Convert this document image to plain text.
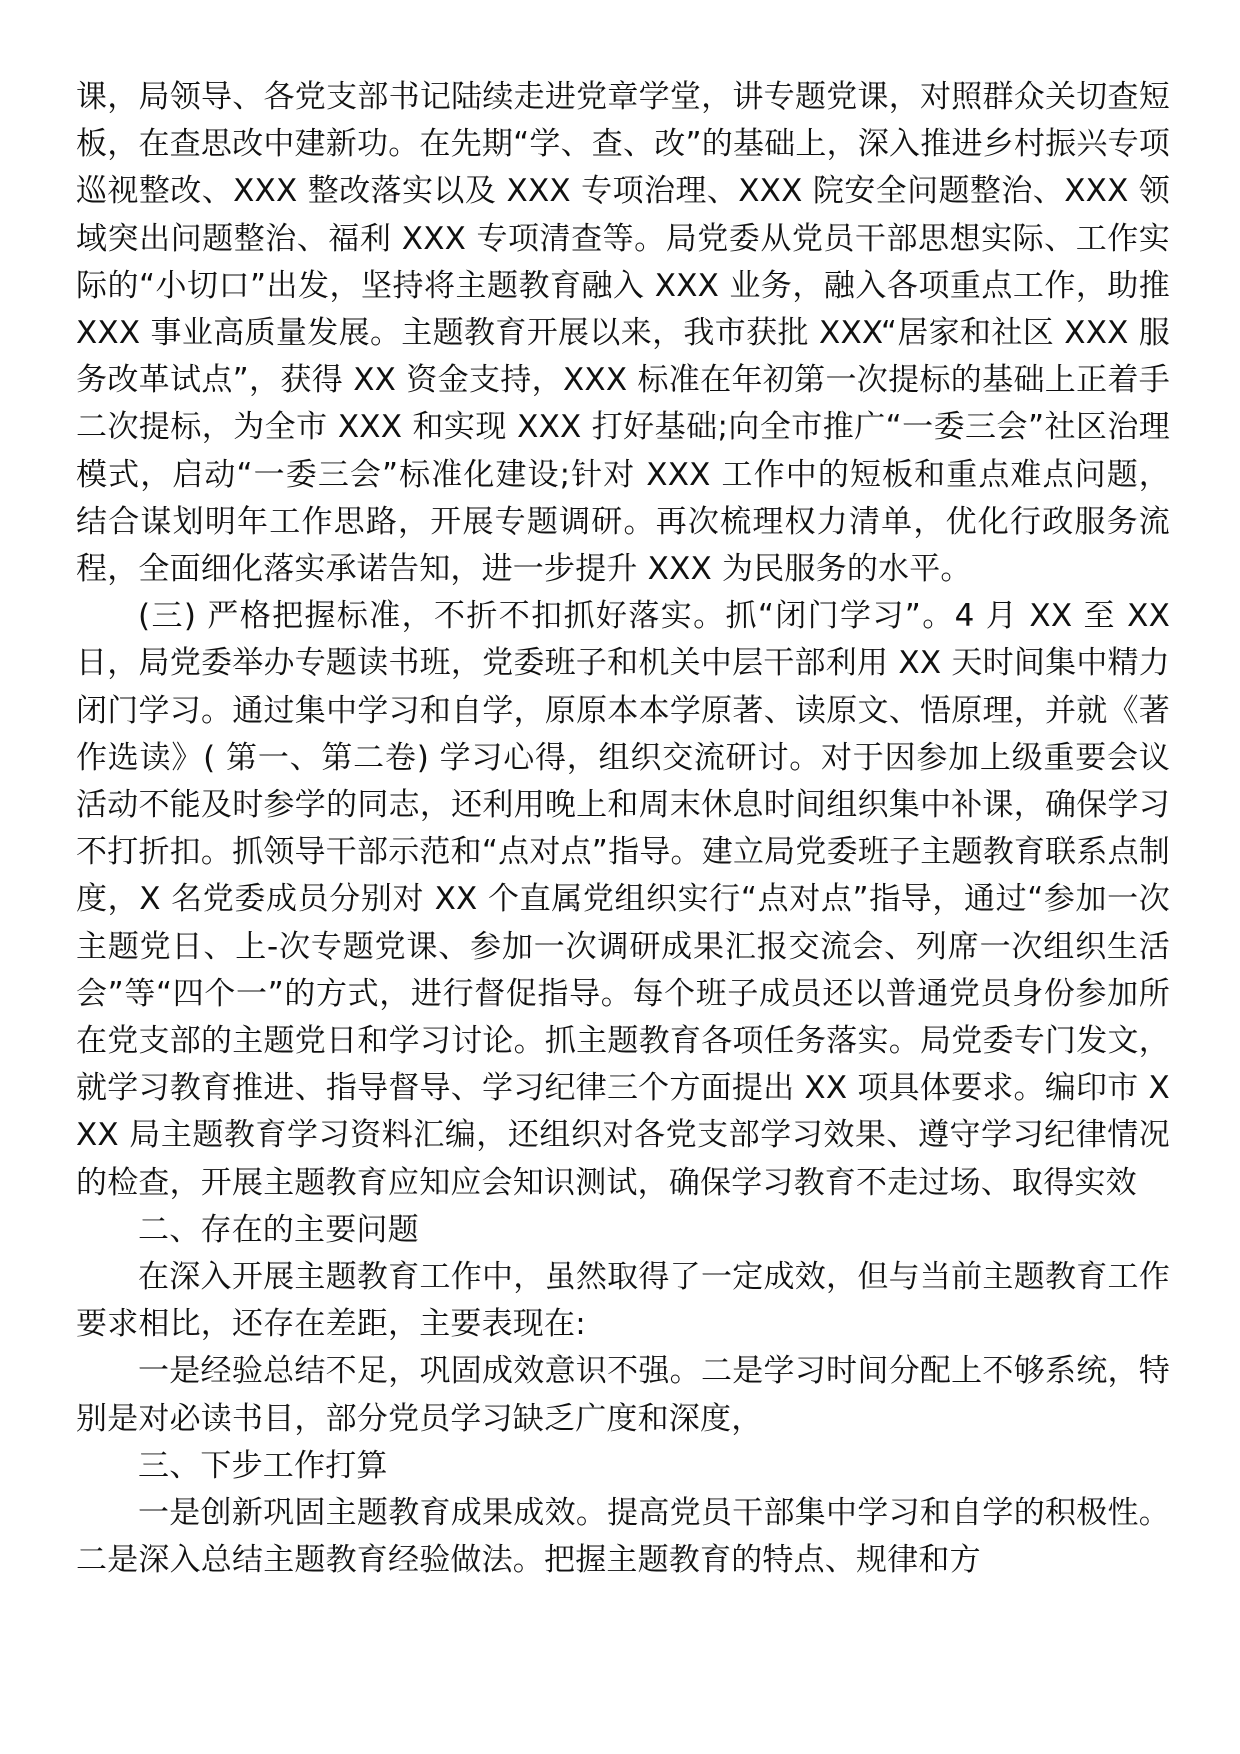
课，局领导、各党支部书记陆续走进党章学堂，讲专题党课，对照群众关切查短板，在查思改中建新功。在先期“学、查、改”的基础上，深入推进乡村振兴专项巡视整改、XXX 整改落实以及 XXX 专项治理、XXX 院安全问题整治、XXX 领域突出问题整治、福利 XXX 专项清查等。局党委从党员干部思想实际、工作实际的“小切口”出发，坚持将主题教育融入 XXX 业务，融入各项重点工作，助推 XXX 事业高质量发展。主题教育开展以来，我市获批 XXX“居家和社区 XXX 服务改革试点”，获得 XX 资金支持，XXX 标准在年初第一次提标的基础上正着手二次提标，为全市 XXX 和实现 XXX 打好基础;向全市推广“一委三会”社区治理模式，启动“一委三会”标准化建设;针对 XXX 工作中的短板和重点难点问题，结合谋划明年工作思路，开展专题调研。再次梳理权力清单，优化行政服务流程，全面细化落实承诺告知，进一步提升 XXX 为民服务的水平。

(三) 严格把握标准，不折不扣抓好落实。抓“闭门学习”。4 月 XX 至 XX 日，局党委举办专题读书班，党委班子和机关中层干部利用 XX 天时间集中精力闭门学习。通过集中学习和自学，原原本本学原著、读原文、悟原理，并就《著作选读》( 第一、第二卷) 学习心得，组织交流研讨。对于因参加上级重要会议活动不能及时参学的同志，还利用晚上和周末休息时间组织集中补课，确保学习不打折扣。抓领导干部示范和“点对点”指导。建立局党委班子主题教育联系点制度，X 名党委成员分别对 XX 个直属党组织实行“点对点”指导，通过“参加一次主题党日、上-次专题党课、参加一次调研成果汇报交流会、列席一次组织生活会”等“四个一”的方式，进行督促指导。每个班子成员还以普通党员身份参加所在党支部的主题党日和学习讨论。抓主题教育各项任务落实。局党委专门发文，就学习教育推进、指导督导、学习纪律三个方面提出 XX 项具体要求。编印市 XXX 局主题教育学习资料汇编，还组织对各党支部学习效果、遵守学习纪律情况的检查，开展主题教育应知应会知识测试，确保学习教育不走过场、取得实效

二、存在的主要问题

在深入开展主题教育工作中，虽然取得了一定成效，但与当前主题教育工作要求相比，还存在差距，主要表现在:

一是经验总结不足，巩固成效意识不强。二是学习时间分配上不够系统，特别是对必读书目，部分党员学习缺乏广度和深度，

三、下步工作打算

一是创新巩固主题教育成果成效。提高党员干部集中学习和自学的积极性。二是深入总结主题教育经验做法。把握主题教育的特点、规律和方
